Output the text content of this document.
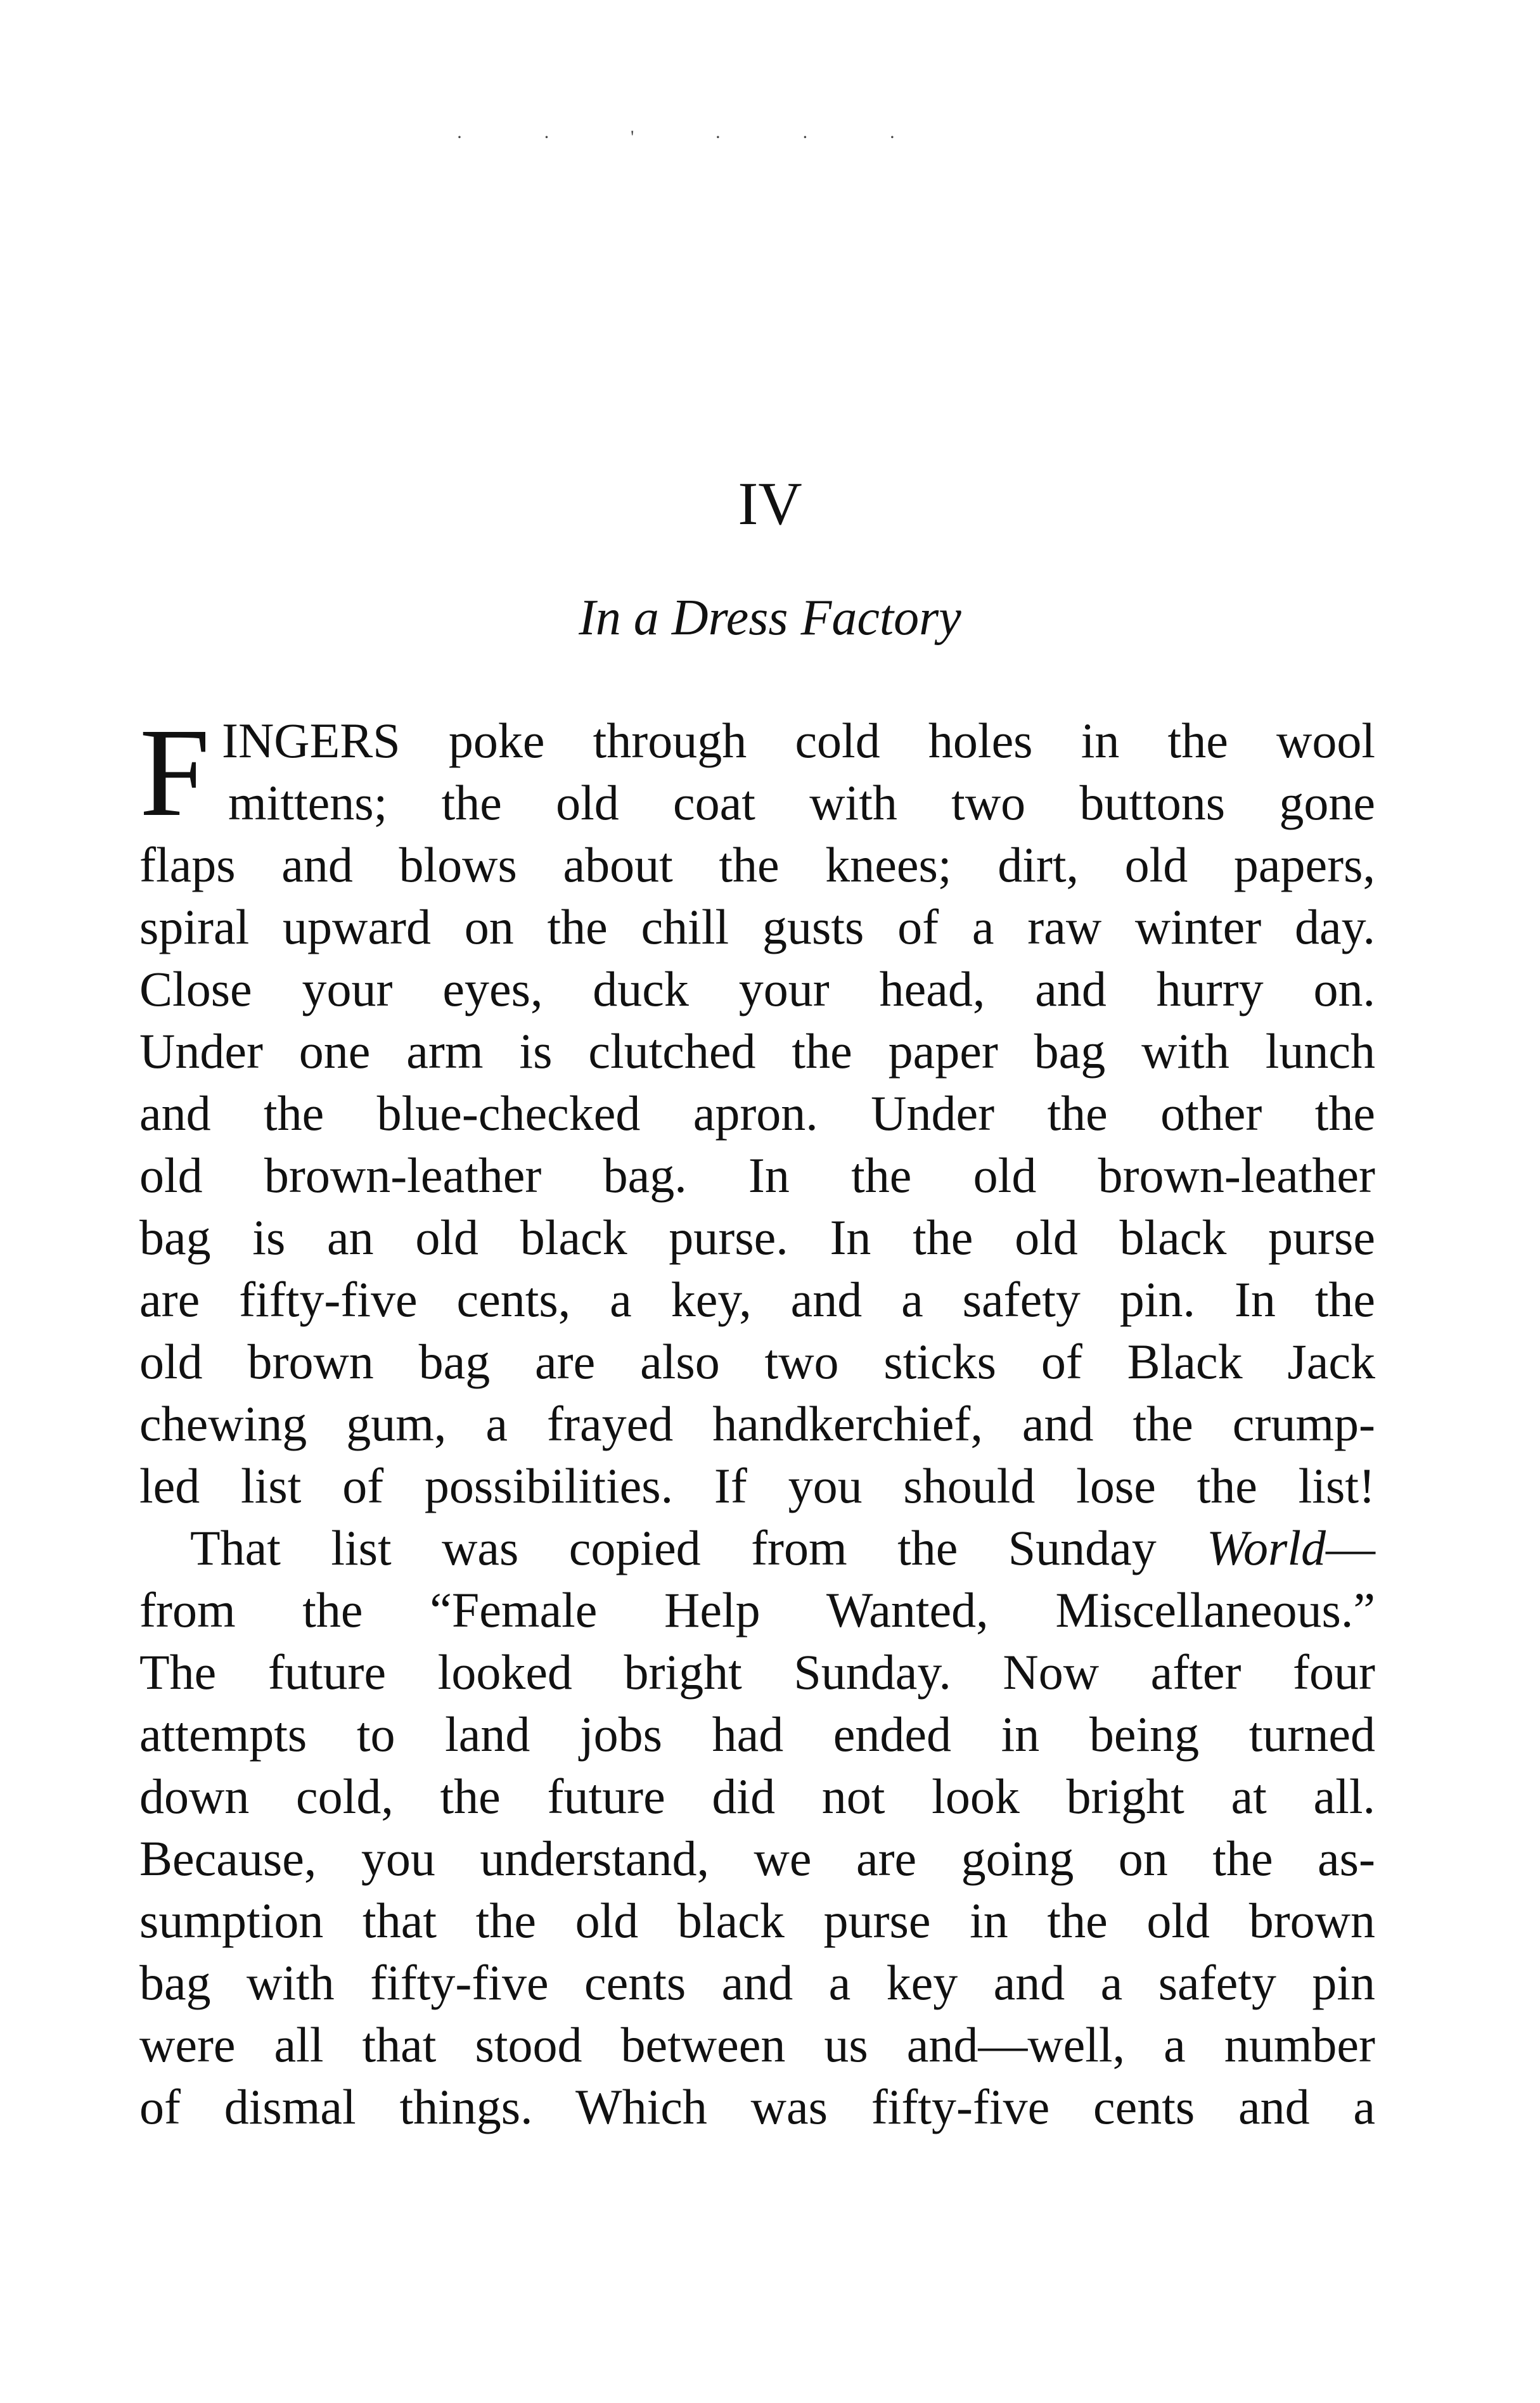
· · ' · · ·
IV
In a Dress Factory
F INGERS poke through cold holes in the wool
mittens; the old coat with two buttons gone
flaps and blows about the knees; dirt, old papers,
spiral upward on the chill gusts of a raw winter day.
Close your eyes, duck your head, and hurry on.
Under one arm is clutched the paper bag with lunch
and the blue-checked apron. Under the other the
old brown-leather bag. In the old brown-leather
bag is an old black purse. In the old black purse
are fifty-five cents, a key, and a safety pin. In the
old brown bag are also two sticks of Black Jack
chewing gum, a frayed handkerchief, and the crump-
led list of possibilities. If you should lose the list!
That list was copied from the Sunday World—
from the “Female Help Wanted, Miscellaneous.”
The future looked bright Sunday. Now after four
attempts to land jobs had ended in being turned
down cold, the future did not look bright at all.
Because, you understand, we are going on the as-
sumption that the old black purse in the old brown
bag with fifty-five cents and a key and a safety pin
were all that stood between us and—well, a number
of dismal things. Which was fifty-five cents and a
